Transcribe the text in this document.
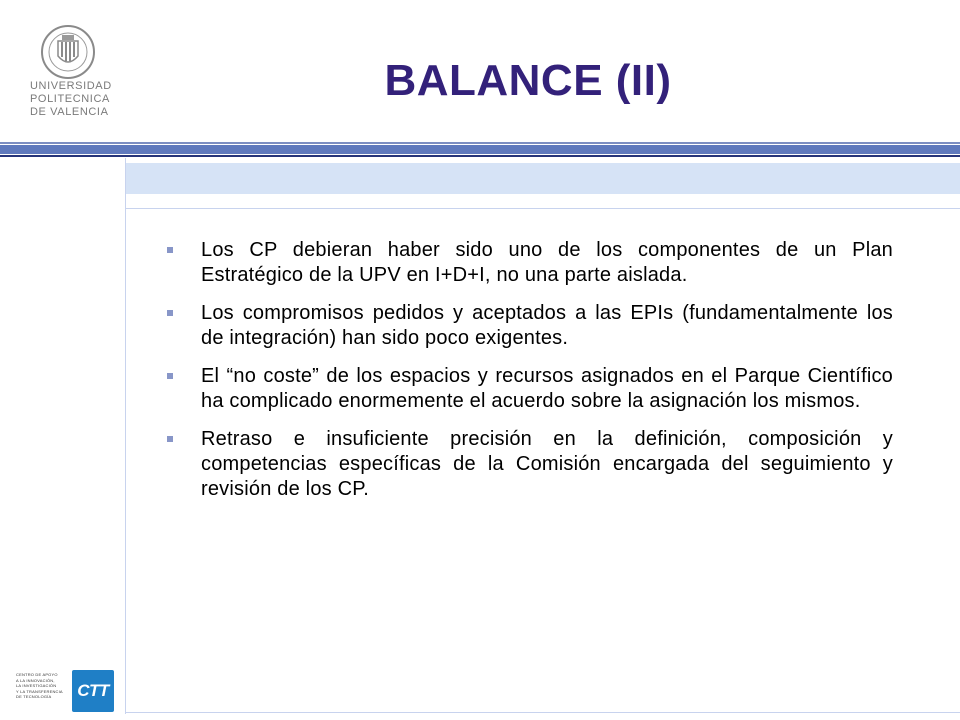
UNIVERSIDAD
POLITECNICA
DE VALENCIA
BALANCE (II)
Los CP debieran haber sido uno de los componentes de un Plan Estratégico de la UPV en I+D+I, no una parte aislada.
Los compromisos pedidos y aceptados a las EPIs (fundamentalmente los de integración) han sido poco exigentes.
El “no coste” de los espacios y recursos asignados en el Parque Científico ha complicado enormemente el acuerdo sobre la asignación los mismos.
Retraso e insuficiente precisión en la definición, composición y competencias específicas de la Comisión encargada del seguimiento y revisión de los CP.
CENTRO DE APOYO
A LA INNOVACIÓN,
LA INVESTIGACIÓN
Y LA TRANSFERENCIA
DE TECNOLOGÍA	CTT
